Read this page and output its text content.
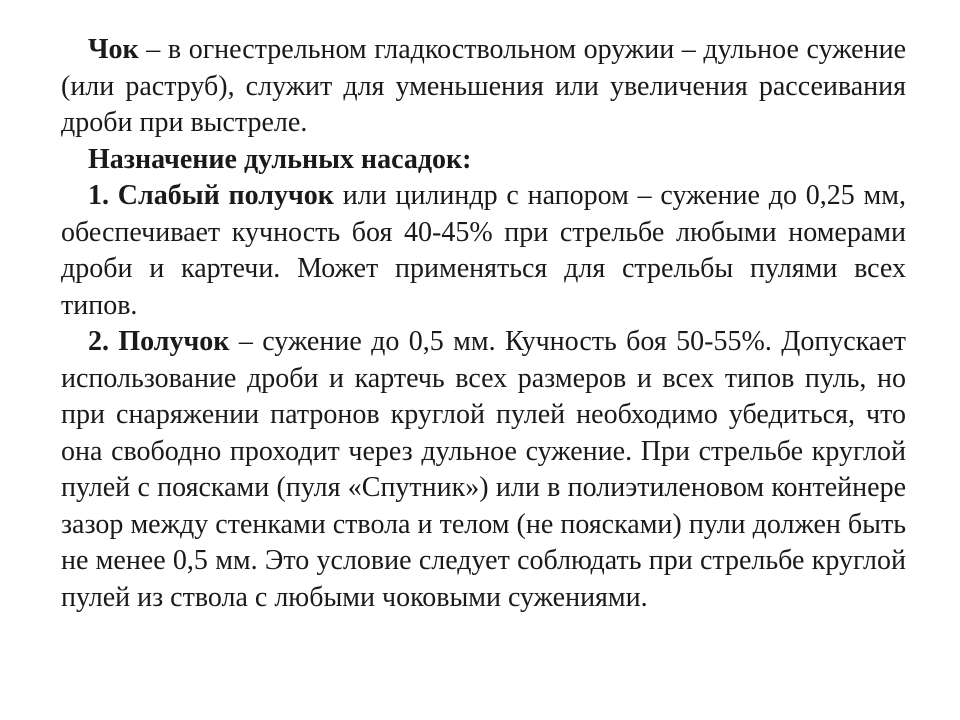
Чок – в огнестрельном гладкоствольном оружии – дульное сужение (или раструб), служит для уменьшения или увеличения рассеивания дроби при выстреле.

Назначение дульных насадок:

1. Слабый получок или цилиндр с напором – сужение до 0,25 мм, обеспечивает кучность боя 40-45% при стрельбе любыми номерами дроби и картечи. Может применяться для стрельбы пулями всех типов.

2. Получок – сужение до 0,5 мм. Кучность боя 50-55%. Допускает использование дроби и картечь всех размеров и всех типов пуль, но при снаряжении патронов круглой пулей необходимо убедиться, что она свободно проходит через дульное сужение. При стрельбе круглой пулей с поясками (пуля «Спутник») или в полиэтиленовом контейнере зазор между стенками ствола и телом (не поясками) пули должен быть не менее 0,5 мм. Это условие следует соблюдать при стрельбе круглой пулей из ствола с любыми чоковыми сужениями.
